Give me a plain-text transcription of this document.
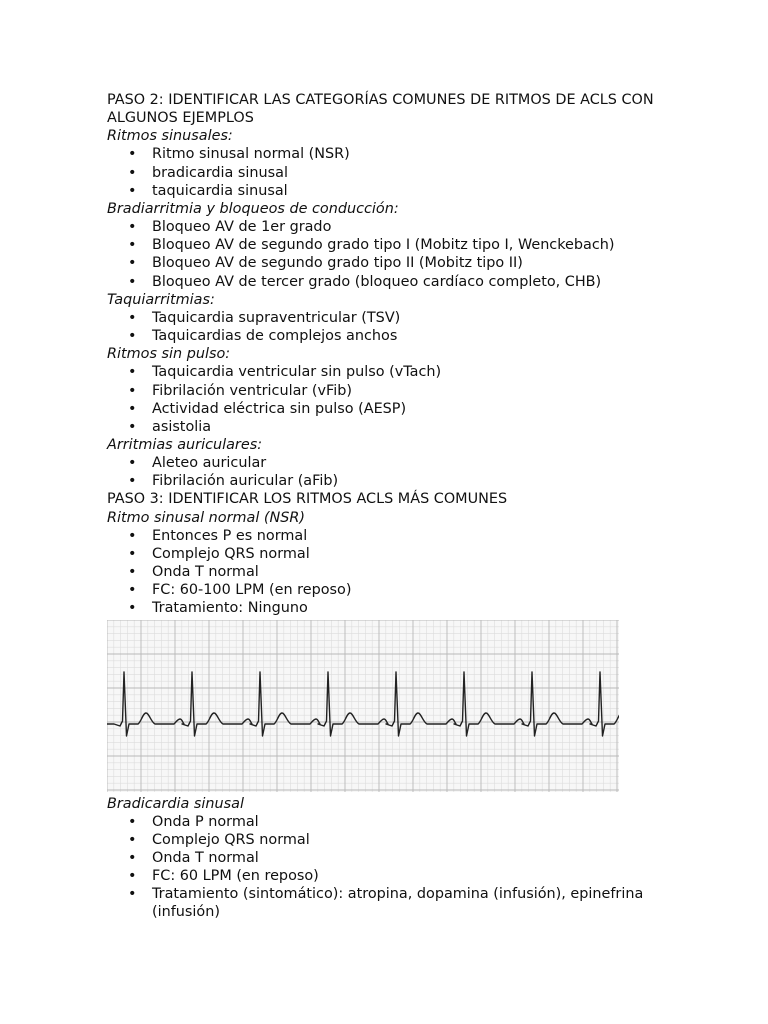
PASO 2: IDENTIFICAR LAS CATEGORÍAS COMUNES DE RITMOS DE ACLS CON ALGUNOS EJEMPLOS

Ritmos sinusales:

• Ritmo sinusal normal (NSR)
• bradicardia sinusal
• taquicardia sinusal

Bradiarritmia y bloqueos de conducción:

• Bloqueo AV de 1er grado
• Bloqueo AV de segundo grado tipo I (Mobitz tipo I, Wenckebach)
• Bloqueo AV de segundo grado tipo II (Mobitz tipo II)
• Bloqueo AV de tercer grado (bloqueo cardíaco completo, CHB)

Taquiarritmias:

• Taquicardia supraventricular (TSV)
• Taquicardias de complejos anchos

Ritmos sin pulso:

• Taquicardia ventricular sin pulso (vTach)
• Fibrilación ventricular (vFib)
• Actividad eléctrica sin pulso (AESP)
• asistolia

Arritmias auriculares:

• Aleteo auricular
• Fibrilación auricular (aFib)

PASO 3: IDENTIFICAR LOS RITMOS ACLS MÁS COMUNES

Ritmo sinusal normal (NSR)

• Entonces P es normal
• Complejo QRS normal
• Onda T normal
• FC: 60-100 LPM (en reposo)
• Tratamiento: Ninguno

Bradicardia sinusal

• Onda P normal
• Complejo QRS normal
• Onda T normal
• FC: 60 LPM (en reposo)
• Tratamiento (sintomático): atropina, dopamina (infusión), epinefrina (infusión)
